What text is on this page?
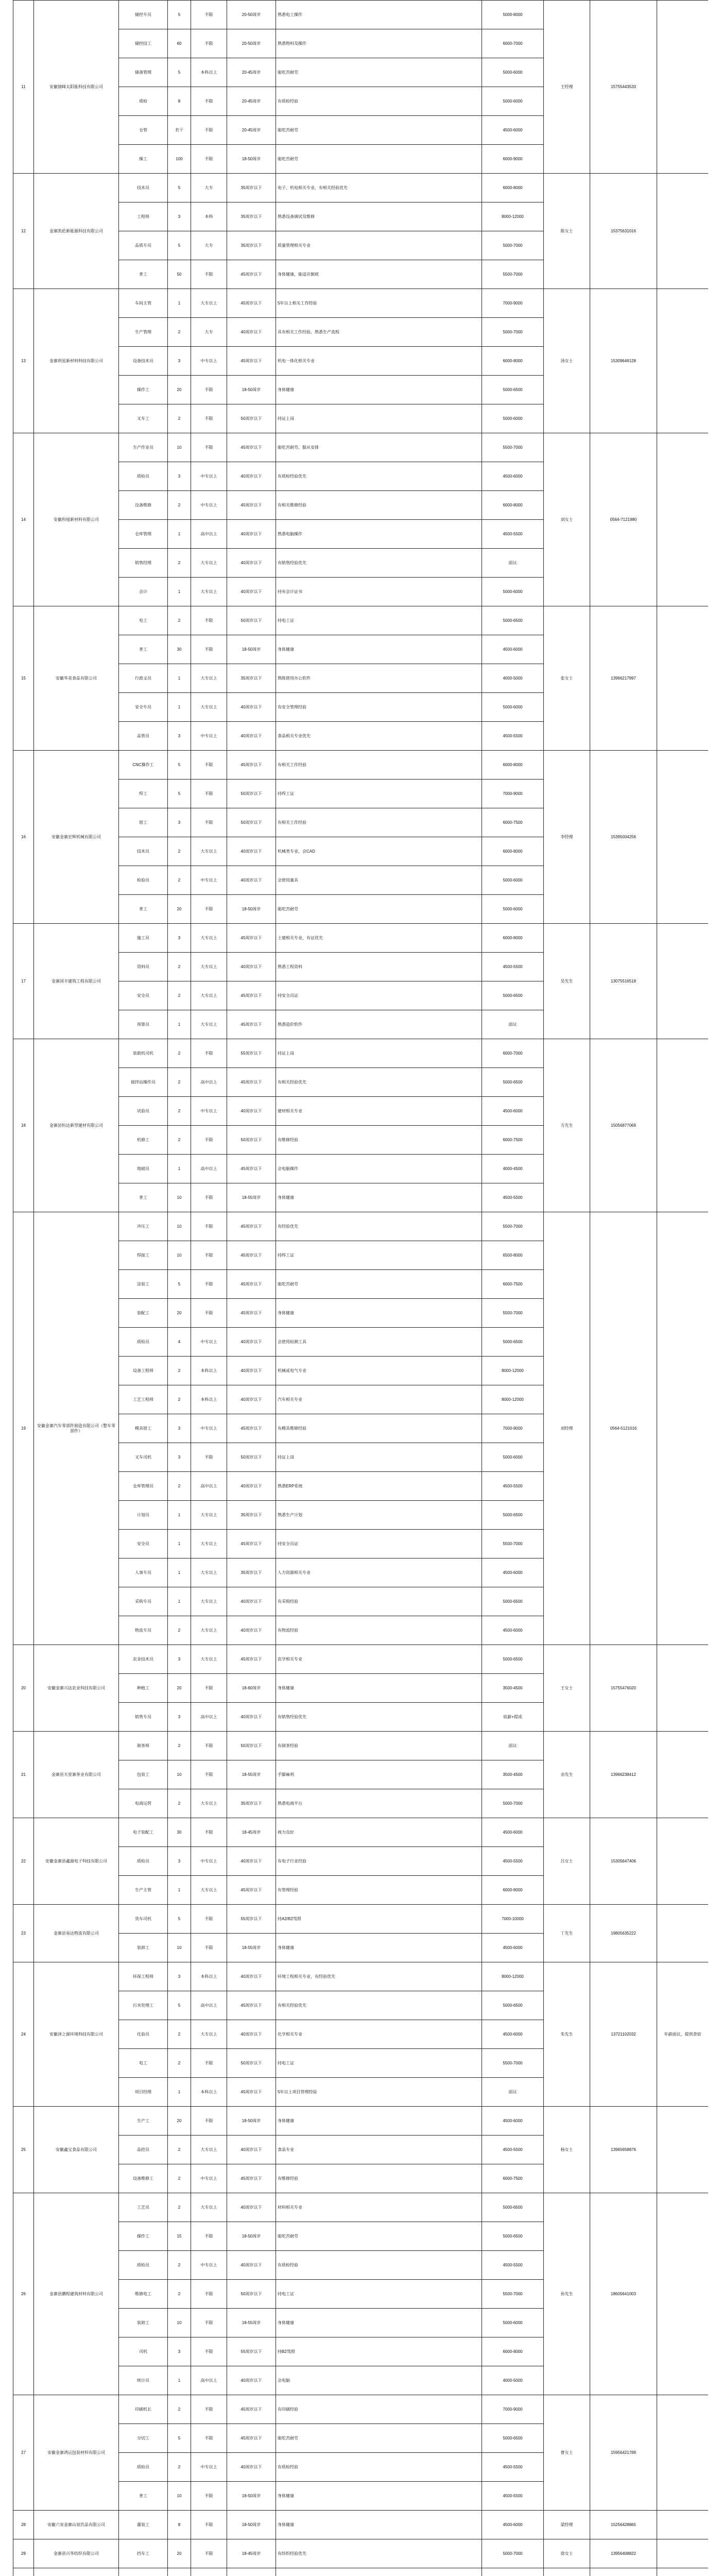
11	安徽镜峰太阳能科技有限公司	储控专员	5	不限	20-50周岁	熟悉电工操作	5000-8000	王经理	15755443533	
		储控技工	60	不限	20-50周岁	熟悉物料及操作	6000-7000			
		储备管理	5	本科以上	20-45周岁	能吃苦耐劳	5000-6000			
		质检	8	不限	20-45周岁	有质检经验	5000-6000			
		仓管	若干	不限	20-45周岁	能吃苦耐劳	4500-6000			
		操工	100	不限	18-50周岁	能吃苦耐劳	6000-9000			
12	金寨凯伦新能源科技有限公司	技术员	5	大专	35周岁以下	电子、机电相关专业，有相关经验优先	6000-8000	陈女士	15375631016	
		工程师	3	本科	35周岁以下	熟悉设备调试及维修	8000-12000			
		品质专员	5	大专	35周岁以下	质量管理相关专业	5000-7000			
		普工	50	不限	45周岁以下	身体健康，能适应倒班	5500-7000			
13	金寨利星新材料科技有限公司	车间主管	1	大专以上	45周岁以下	5年以上相关工作经验	7000-9000	汤女士	15309646128	
		生产管理	2	大专	40周岁以下	具有相关工作经验，熟悉生产流程	5000-7000			
		设备技术员	3	中专以上	45周岁以下	机电一体化相关专业	6000-8000			
		操作工	20	不限	18-50周岁	身体健康	5000-6500			
		叉车工	2	不限	50周岁以下	持证上岗	5000-6000			
14	安徽科旭新材料有限公司	生产作业员	10	不限	45周岁以下	能吃苦耐劳，服从安排	5500-7000	刘女士	0564-7121980	
		质检员	3	中专以上	40周岁以下	有质检经验优先	4500-6000			
		设备维修	2	中专以上	45周岁以下	有相关维修经验	6000-8000			
		仓库管理	1	高中以上	40周岁以下	熟悉电脑操作	4500-5500			
		销售经理	2	大专以上	40周岁以下	有销售经验优先	面议			
		会计	1	大专以上	40周岁以下	持有会计证书	5000-6000			
15	安徽华美食品有限公司	电工	2	不限	50周岁以下	持电工证	5000-6500	张女士	13966217997	
		普工	30	不限	18-50周岁	身体健康	4500-6000			
		行政文员	1	大专以上	35周岁以下	熟练使用办公软件	4000-5000			
		安全专员	1	大专以上	40周岁以下	有安全管理经验	5000-6000			
		品管员	3	中专以上	40周岁以下	食品相关专业优先	4500-5500			
16	安徽金寨宏辉机械有限公司	CNC操作工	5	不限	45周岁以下	有相关工作经验	6000-8000	李经理	15395004256	
		焊工	5	不限	50周岁以下	持焊工证	7000-9000			
		钳工	3	不限	50周岁以下	有相关工作经验	6000-7500			
		技术员	2	大专以上	40周岁以下	机械类专业，会CAD	6000-8000			
		检验员	2	中专以上	40周岁以下	会使用量具	5000-6000			
		普工	20	不限	18-50周岁	能吃苦耐劳	5000-6000			
17	金寨国丰建筑工程有限公司	施工员	3	大专以上	45周岁以下	土建相关专业，有证优先	6000-8000	吴先生	13075516518	
		资料员	2	大专以上	40周岁以下	熟悉工程资料	4500-5500			
		安全员	2	大专以上	45周岁以下	持安全员证	5000-6500			
		预算员	1	大专以上	45周岁以下	熟悉造价软件	面议			
18	金寨县恒达新型建材有限公司	装载机司机	2	不限	55周岁以下	持证上岗	6000-7000	方先生	15056877069	
		搅拌站操作员	2	高中以上	45周岁以下	有相关经验优先	5000-6500			
		试验员	2	中专以上	40周岁以下	建材相关专业	4500-6000			
		机修工	2	不限	50周岁以下	有维修经验	6000-7500			
		地磅员	1	高中以上	45周岁以下	会电脑操作	4000-4500			
		普工	10	不限	18-55周岁	身体健康	4500-5500			
19	安徽金寨汽车零部件制造有限公司（整车零部件）	冲压工	10	不限	45周岁以下	有经验优先	5500-7000	刘经理	0564-5121016	
		焊接工	10	不限	45周岁以下	持焊工证	6500-8000			
		涂装工	5	不限	45周岁以下	能吃苦耐劳	6000-7500			
		装配工	20	不限	45周岁以下	身体健康	5500-7000			
		质检员	4	中专以上	40周岁以下	会使用检测工具	5000-6500			
		设备工程师	2	本科以上	40周岁以下	机械或电气专业	8000-12000			
		工艺工程师	2	本科以上	40周岁以下	汽车相关专业	8000-12000			
		模具钳工	3	中专以上	45周岁以下	有模具维修经验	7000-9000			
		叉车司机	3	不限	50周岁以下	持证上岗	5000-6000			
		仓库管理员	2	高中以上	40周岁以下	熟悉ERP系统	4500-5500			
		计划员	1	大专以上	35周岁以下	熟悉生产计划	5000-6500			
		安全员	1	大专以上	45周岁以下	持安全员证	5500-7000			
		人事专员	1	大专以上	35周岁以下	人力资源相关专业	4500-6000			
		采购专员	1	大专以上	40周岁以下	有采购经验	5000-6500			
		物流专员	2	大专以上	40周岁以下	有物流经验	4500-6000			
20	安徽金寨兴达农业科技有限公司	农业技术员	3	大专以上	45周岁以下	农学相关专业	5000-6500	王女士	15755476020	
		种植工	20	不限	18-60周岁	身体健康	3500-4500			
		销售专员	3	高中以上	40周岁以下	有销售经验优先	底薪+提成			
21	金寨县天堂寨茶业有限公司	制茶师	2	不限	50周岁以下	有制茶经验	面议	余先生	13966238412	
		包装工	10	不限	18-55周岁	手脚麻利	3500-4500			
		电商运营	2	大专以上	35周岁以下	熟悉电商平台	5000-7000			
22	安徽金寨县鑫源电子科技有限公司	电子装配工	30	不限	18-45周岁	视力良好	4500-6000	吕女士	15305647406	
		质检员	3	中专以上	40周岁以下	有电子行业经验	4500-5500			
		生产主管	1	大专以上	45周岁以下	有管理经验	6000-8000			
23	金寨县易达物流有限公司	货车司机	5	不限	55周岁以下	持A2/B2驾照	7000-10000	丁先生	19805635222	
		装卸工	10	不限	18-55周岁	身体健康	4500-6000			
24	安徽泽之源环境科技有限公司	环保工程师	3	本科以上	40周岁以下	环境工程相关专业，有经验优先	8000-12000	朱先生	13721102032	年薪面议，提供食宿
		污水处理工	5	高中以上	45周岁以下	有相关经验优先	5000-6500			
		化验员	2	大专以上	40周岁以下	化学相关专业	4500-6000			
		电工	2	不限	50周岁以下	持电工证	5500-7000			
		项目经理	1	本科以上	45周岁以下	5年以上项目管理经验	面议			
25	安徽鑫宝食品有限公司	生产工	20	不限	18-50周岁	身体健康	4500-6000	杨女士	13965658876	
		品控员	2	大专以上	40周岁以下	食品专业	4500-5500			
		设备维修工	2	中专以上	45周岁以下	有维修经验	6000-7500			
26	金寨县鹏程建筑材料有限公司	工艺员	2	大专以上	40周岁以下	材料相关专业	5000-6500	孙先生	18605641003	
		操作工	15	不限	18-50周岁	能吃苦耐劳	5000-6500			
		质检员	2	中专以上	40周岁以下	有质检经验	4500-5500			
		维修电工	2	不限	50周岁以下	持电工证	5500-7000			
		装卸工	10	不限	18-55周岁	身体健康	5000-6000			
		司机	3	不限	55周岁以下	持B2驾照	6000-8000			
		统计员	1	高中以上	40周岁以下	会电脑	4000-5000			
27	安徽金寨鸿运包装材料有限公司	印刷机长	2	不限	45周岁以下	有印刷经验	7000-9000	曹女士	15956421789	
		分切工	5	不限	45周岁以下	能吃苦耐劳	5000-6500			
		质检员	2	中专以上	40周岁以下	有质检经验	4500-5500			
		普工	10	不限	18-50周岁	身体健康	4500-5500			
28	安徽六安金寨山泉饮品有限公司	灌装工	8	不限	18-50周岁	身体健康	4500-6000	梁经理	15256428865	
29	金寨县兴华纺织有限公司	挡车工	20	不限	18-45周岁	有纺织经验优先	5000-7000	徐女士	13956408822	
